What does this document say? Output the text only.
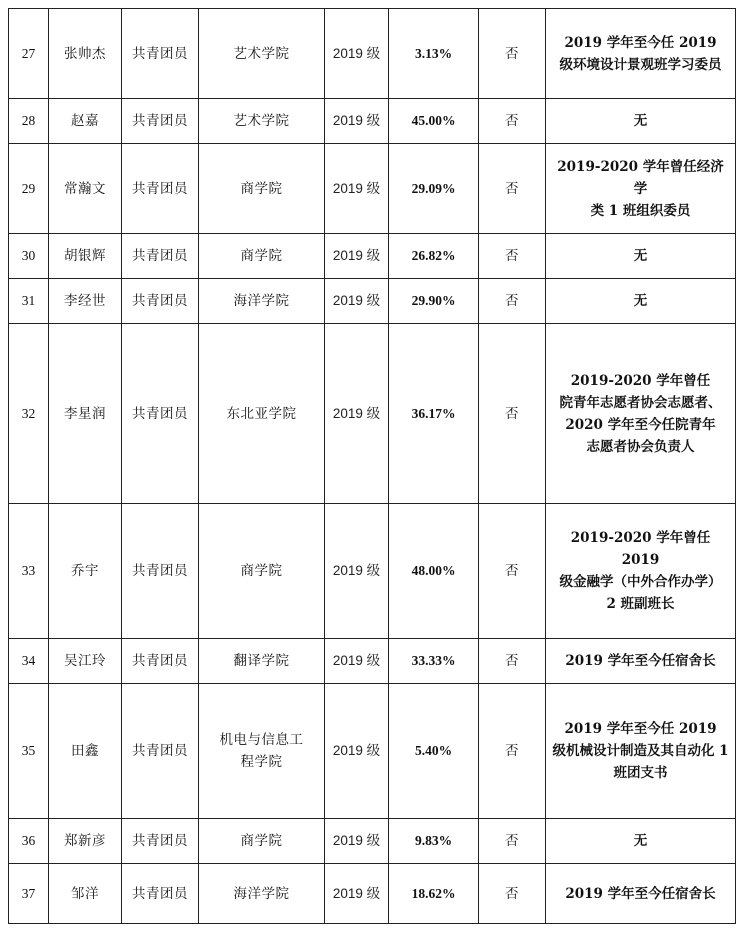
27	张帅杰	共青团员	艺术学院	2019 级	3.13%	否	2019 学年至今任 2019
级环境设计景观班学习委员
28	赵嘉	共青团员	艺术学院	2019 级	45.00%	否	无
29	常瀚文	共青团员	商学院	2019 级	29.09%	否	2019-2020 学年曾任经济学
类 1 班组织委员
30	胡银辉	共青团员	商学院	2019 级	26.82%	否	无
31	李经世	共青团员	海洋学院	2019 级	29.90%	否	无
32	李星润	共青团员	东北亚学院	2019 级	36.17%	否	2019-2020 学年曾任
院青年志愿者协会志愿者、
2020 学年至今任院青年
志愿者协会负责人
33	乔宇	共青团员	商学院	2019 级	48.00%	否	2019-2020 学年曾任 2019
级金融学（中外合作办学）
2 班副班长
34	吴江玲	共青团员	翻译学院	2019 级	33.33%	否	2019 学年至今任宿舍长
35	田鑫	共青团员	机电与信息工
程学院	2019 级	5.40%	否	2019 学年至今任 2019
级机械设计制造及其自动化 1
班团支书
36	郑新彦	共青团员	商学院	2019 级	9.83%	否	无
37	邹洋	共青团员	海洋学院	2019 级	18.62%	否	2019 学年至今任宿舍长
